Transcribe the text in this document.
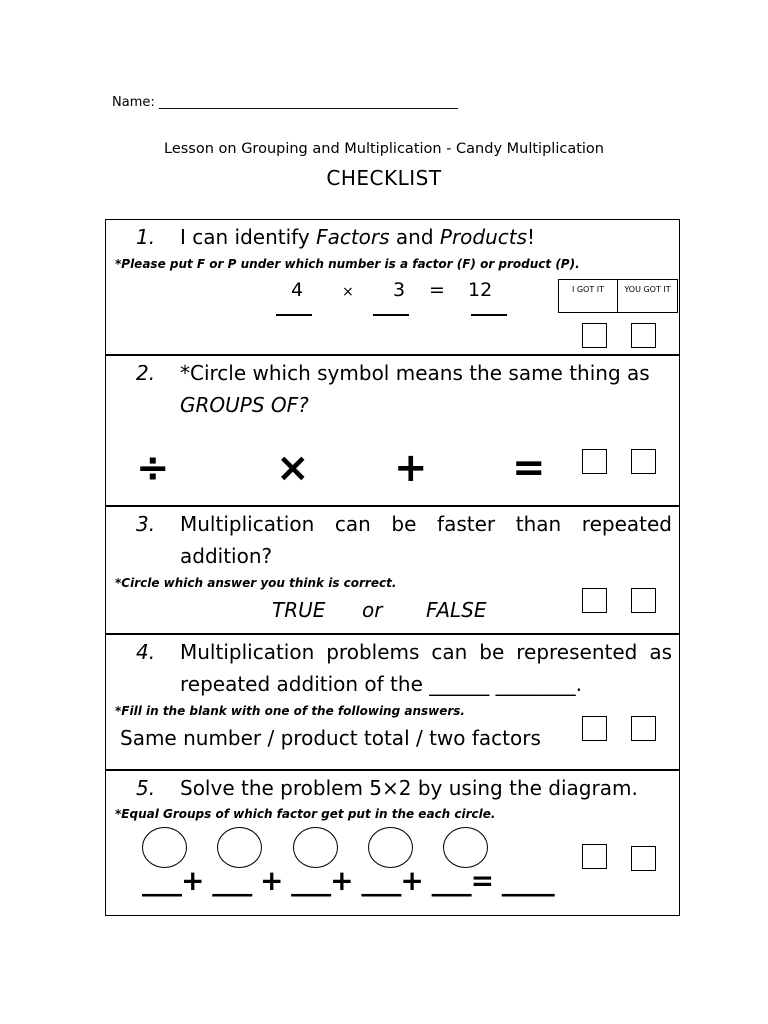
Name: ______________________________________________
Lesson on Grouping and Multiplication - Candy Multiplication
CHECKLIST
1. I can identify Factors and Products!
*Please put F or P under which number is a factor (F) or product (P).
4	× 3 = 12	I GOT IT	YOU GOT IT
2. *Circle which symbol means the same thing as
GROUPS OF?
÷	× + =
3. Multiplication can be faster than repeated
addition?
*Circle which answer you think is correct.
TRUE or FALSE
4. Multiplication problems can be represented as
repeated addition of the ______ ________.
*Fill in the blank with one of the following answers.
Same number / product total / two factors
5. Solve the problem 5×2 by using the diagram.
*Equal Groups of which factor get put in the each circle.
___+ ___ + ___+ ___+ ___= ____
